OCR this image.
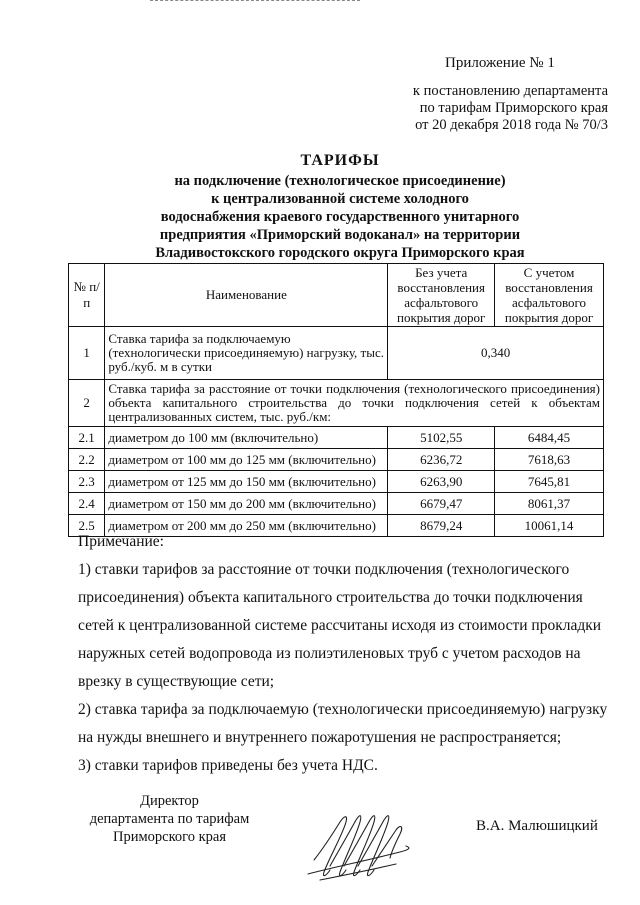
Приложение № 1
к постановлению департамента
по тарифам Приморского края
от 20 декабря 2018 года № 70/3
ТАРИФЫ
на подключение (технологическое присоединение)
к централизованной системе холодного
водоснабжения краевого государственного унитарного
предприятия «Приморский водоканал» на территории
Владивостокского городского округа Приморского края
№ п/п	Наименование	Без учета восстановления асфальтового покрытия дорог	С учетом восстановления асфальтового покрытия дорог
1	Ставка тарифа за подключаемую (технологически присоединяемую) нагрузку, тыс. руб./куб. м в сутки	0,340	
2	Ставка тарифа за расстояние от точки подключения (технологического присоединения) объекта капитального строительства до точки подключения сетей к объектам централизованных систем, тыс. руб./км:		
2.1	диаметром до 100 мм (включительно)	5102,55	6484,45
2.2	диаметром от 100 мм до 125 мм (включительно)	6236,72	7618,63
2.3	диаметром от 125 мм до 150 мм (включительно)	6263,90	7645,81
2.4	диаметром от 150 мм до 200 мм (включительно)	6679,47	8061,37
2.5	диаметром от 200 мм до 250 мм (включительно)	8679,24	10061,14

Примечание:

1) ставки тарифов за расстояние от точки подключения (технологического

присоединения) объекта капитального строительства до точки подключения

сетей к централизованной системе рассчитаны исходя из стоимости прокладки

наружных сетей водопровода из полиэтиленовых труб с учетом расходов на

врезку в существующие сети;

2) ставка тарифа за подключаемую (технологически присоединяемую) нагрузку

на нужды внешнего и внутреннего пожаротушения не распространяется;

3) ставки тарифов приведены без учета НДС.

Директор
департамента по тарифам
Приморского края
В.А. Малюшицкий
